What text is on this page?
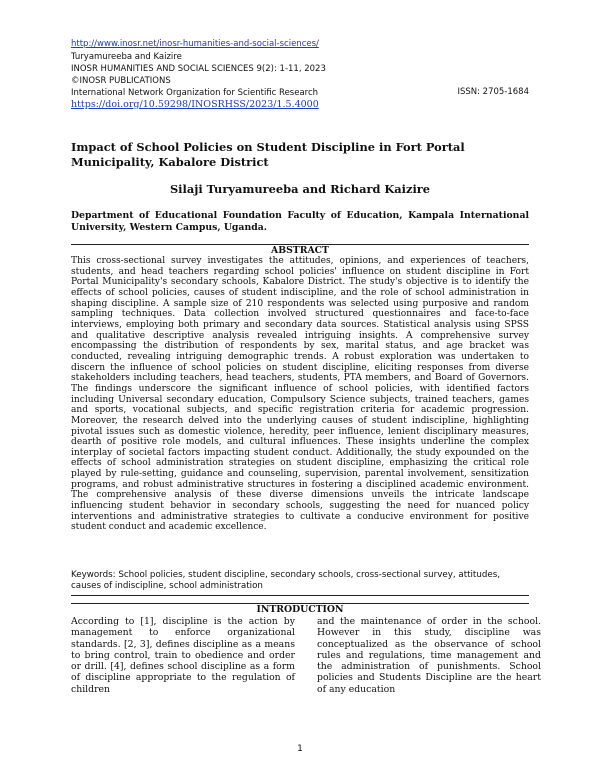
http://www.inosr.net/inosr-humanities-and-social-sciences/
Turyamureeba and Kaizire
INOSR HUMANITIES AND SOCIAL SCIENCES 9(2): 1-11, 2023
©INOSR PUBLICATIONS
International Network Organization for Scientific Research	ISSN: 2705-1684
https://doi.org/10.59298/INOSRHSS/2023/1.5.4000
Impact of School Policies on Student Discipline in Fort Portal Municipality, Kabalore District
Silaji Turyamureeba and Richard Kaizire
Department of Educational Foundation Faculty of Education, Kampala International University, Western Campus, Uganda.
ABSTRACT
This cross-sectional survey investigates the attitudes, opinions, and experiences of teachers, students, and head teachers regarding school policies' influence on student discipline in Fort Portal Municipality's secondary schools, Kabalore District. The study's objective is to identify the effects of school policies, causes of student indiscipline, and the role of school administration in shaping discipline. A sample size of 210 respondents was selected using purposive and random sampling techniques. Data collection involved structured questionnaires and face-to-face interviews, employing both primary and secondary data sources. Statistical analysis using SPSS and qualitative descriptive analysis revealed intriguing insights. A comprehensive survey encompassing the distribution of respondents by sex, marital status, and age bracket was conducted, revealing intriguing demographic trends. A robust exploration was undertaken to discern the influence of school policies on student discipline, eliciting responses from diverse stakeholders including teachers, head teachers, students, PTA members, and Board of Governors. The findings underscore the significant influence of school policies, with identified factors including Universal secondary education, Compulsory Science subjects, trained teachers, games and sports, vocational subjects, and specific registration criteria for academic progression. Moreover, the research delved into the underlying causes of student indiscipline, highlighting pivotal issues such as domestic violence, heredity, peer influence, lenient disciplinary measures, dearth of positive role models, and cultural influences. These insights underline the complex interplay of societal factors impacting student conduct. Additionally, the study expounded on the effects of school administration strategies on student discipline, emphasizing the critical role played by rule-setting, guidance and counseling, supervision, parental involvement, sensitization programs, and robust administrative structures in fostering a disciplined academic environment. The comprehensive analysis of these diverse dimensions unveils the intricate landscape influencing student behavior in secondary schools, suggesting the need for nuanced policy interventions and administrative strategies to cultivate a conducive environment for positive student conduct and academic excellence.
Keywords: School policies, student discipline, secondary schools, cross-sectional survey, attitudes, causes of indiscipline, school administration
INTRODUCTION
According to [1], discipline is the action by management to enforce organizational standards. [2, 3], defines discipline as a means to bring control, train to obedience and order or drill. [4], defines school discipline as a form of discipline appropriate to the regulation of children
and the maintenance of order in the school. However in this study, discipline was conceptualized as the observance of school rules and regulations, time management and the administration of punishments. School policies and Students Discipline are the heart of any education
1
